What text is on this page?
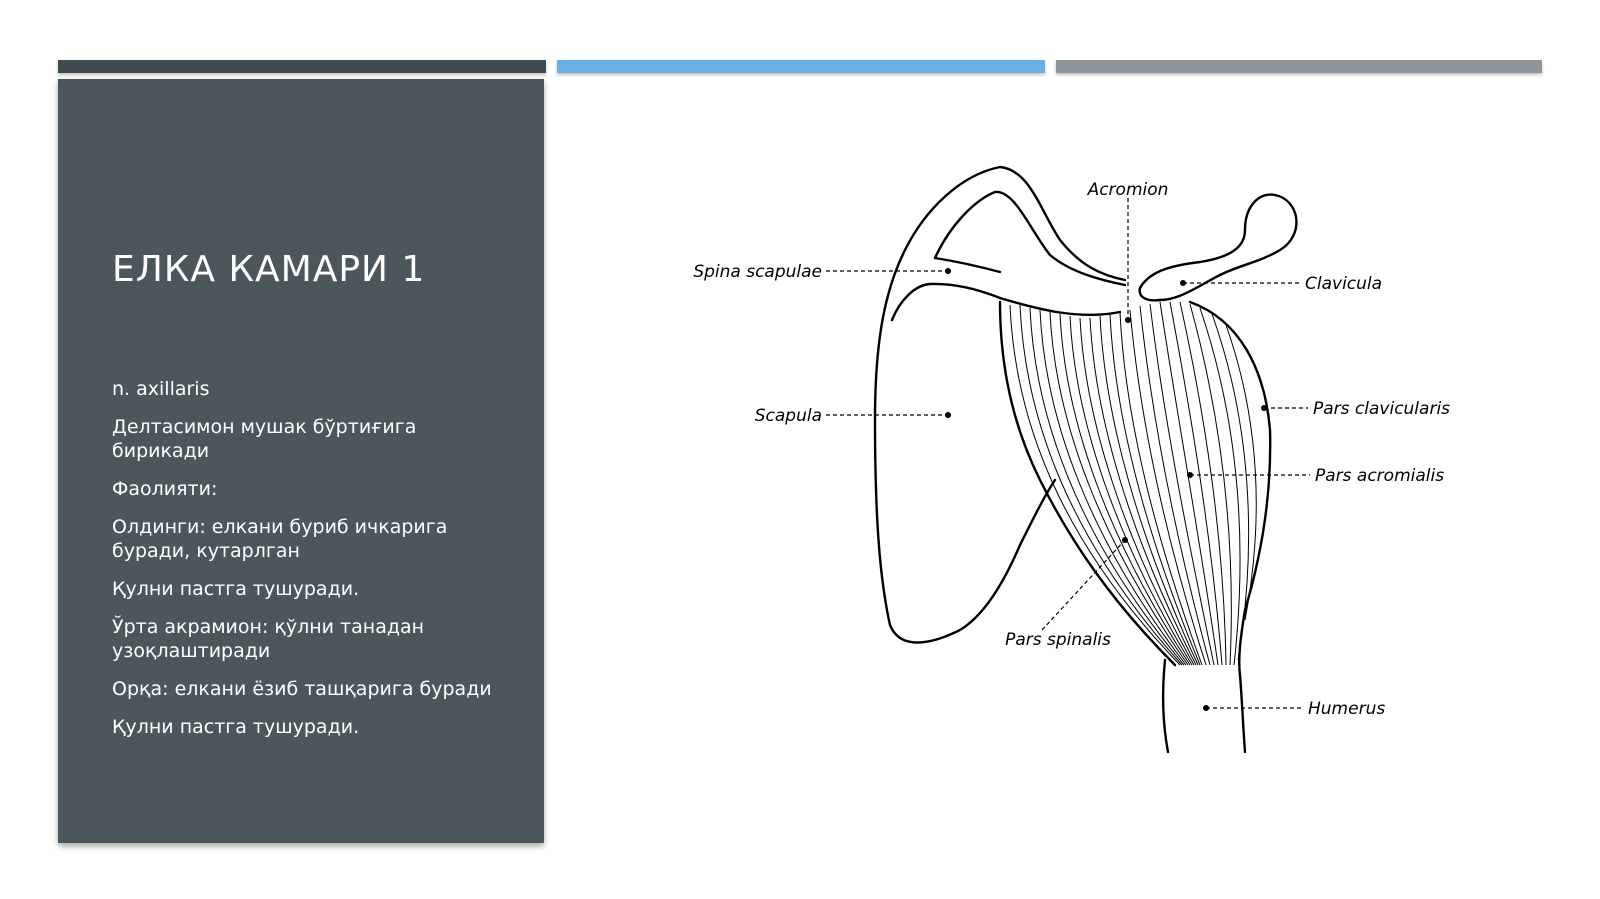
ЕЛКА КАМАРИ 1
n. axillaris
Делтасимон мушак бўртиғига бирикади
Фаолияти:
Олдинги: елкани буриб ичкарига буради, кутарлган
Қулни пастга тушуради.
Ўрта акрамион: қўлни танадан узоқлаштиради
Орқа: елкани ёзиб ташқарига буради
Қулни пастга тушуради.
Acromion
Spina scapulae
Clavicula
Scapula	Pars clavicularis
Pars acromialis
Pars spinalis
Humerus
